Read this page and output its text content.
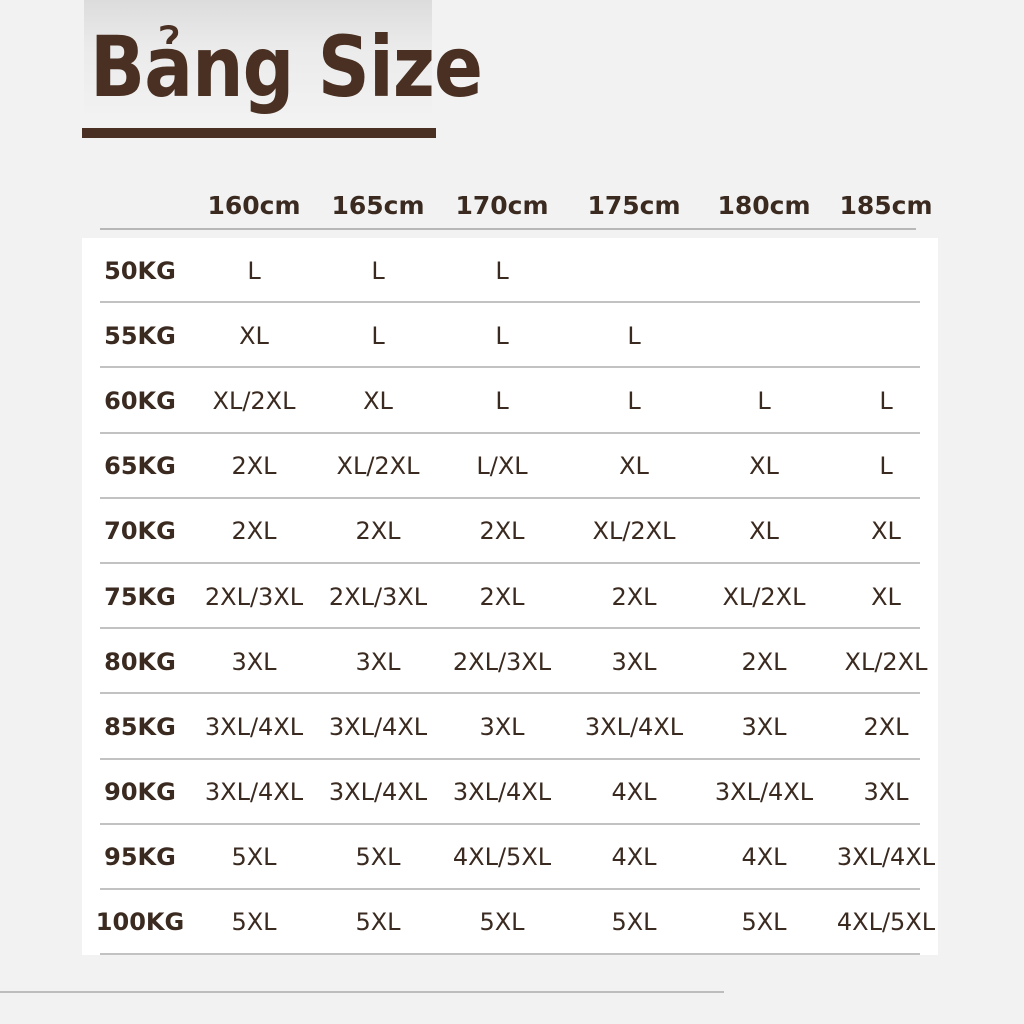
Bảng Size
160cm	165cm	170cm	175cm	180cm	185cm
50KG	L	L	L
55KG	XL	L	L	L
60KG	XL/2XL	XL	L	L	L	L
65KG	2XL	XL/2XL	L/XL	XL	XL	L
70KG	2XL	2XL	2XL	XL/2XL	XL	XL
75KG	2XL/3XL	2XL/3XL	2XL	2XL	XL/2XL	XL
80KG	3XL	3XL	2XL/3XL	3XL	2XL	XL/2XL
85KG	3XL/4XL	3XL/4XL	3XL	3XL/4XL	3XL	2XL
90KG	3XL/4XL	3XL/4XL	3XL/4XL	4XL	3XL/4XL	3XL
95KG	5XL	5XL	4XL/5XL	4XL	4XL	3XL/4XL
100KG	5XL	5XL	5XL	5XL	5XL	4XL/5XL
